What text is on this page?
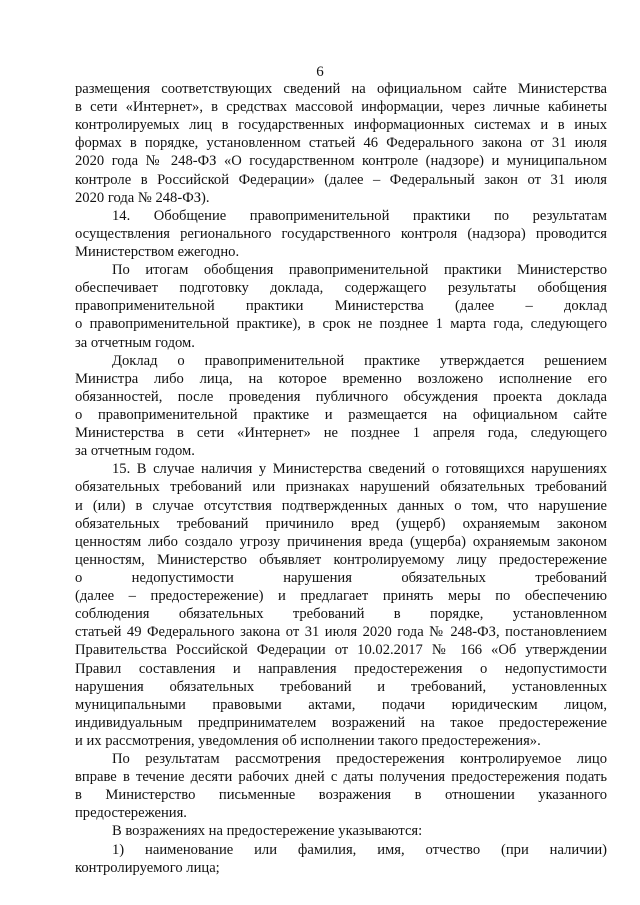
6
размещения соответствующих сведений на официальном сайте Министерства
в сети «Интернет», в средствах массовой информации, через личные кабинеты
контролируемых лиц в государственных информационных системах и в иных
формах в порядке, установленном статьей 46 Федерального закона от 31 июля
2020 года № 248-ФЗ «О государственном контроле (надзоре) и муниципальном
контроле в Российской Федерации» (далее – Федеральный закон от 31 июля
2020 года № 248-ФЗ).
14. Обобщение правоприменительной практики по результатам
осуществления регионального государственного контроля (надзора) проводится
Министерством ежегодно.
По итогам обобщения правоприменительной практики Министерство
обеспечивает подготовку доклада, содержащего результаты обобщения
правоприменительной практики Министерства (далее – доклад
о правоприменительной практике), в срок не позднее 1 марта года, следующего
за отчетным годом.
Доклад о правоприменительной практике утверждается решением
Министра либо лица, на которое временно возложено исполнение его
обязанностей, после проведения публичного обсуждения проекта доклада
о правоприменительной практике и размещается на официальном сайте
Министерства в сети «Интернет» не позднее 1 апреля года, следующего
за отчетным годом.
15. В случае наличия у Министерства сведений о готовящихся нарушениях
обязательных требований или признаках нарушений обязательных требований
и (или) в случае отсутствия подтвержденных данных о том, что нарушение
обязательных требований причинило вред (ущерб) охраняемым законом
ценностям либо создало угрозу причинения вреда (ущерба) охраняемым законом
ценностям, Министерство объявляет контролируемому лицу предостережение
о недопустимости нарушения обязательных требований
(далее – предостережение) и предлагает принять меры по обеспечению
соблюдения обязательных требований в порядке, установленном
статьей 49 Федерального закона от 31 июля 2020 года № 248-ФЗ, постановлением
Правительства Российской Федерации от 10.02.2017 № 166 «Об утверждении
Правил составления и направления предостережения о недопустимости
нарушения обязательных требований и требований, установленных
муниципальными правовыми актами, подачи юридическим лицом,
индивидуальным предпринимателем возражений на такое предостережение
и их рассмотрения, уведомления об исполнении такого предостережения».
По результатам рассмотрения предостережения контролируемое лицо
вправе в течение десяти рабочих дней с даты получения предостережения подать
в Министерство письменные возражения в отношении указанного
предостережения.
В возражениях на предостережение указываются:
1) наименование или фамилия, имя, отчество (при наличии)
контролируемого лица;
